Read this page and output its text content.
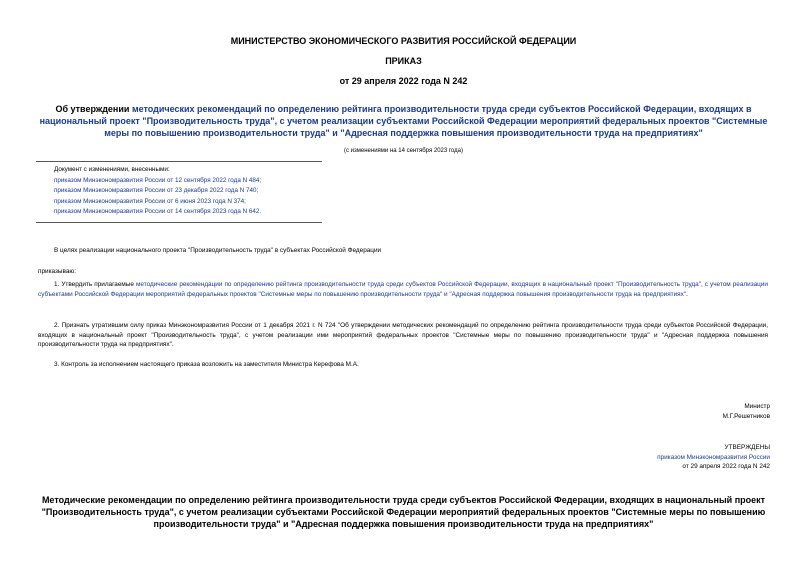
МИНИСТЕРСТВО ЭКОНОМИЧЕСКОГО РАЗВИТИЯ РОССИЙСКОЙ ФЕДЕРАЦИИ
ПРИКАЗ
от 29 апреля 2022 года N 242
Об утверждении методических рекомендаций по определению рейтинга производительности труда среди субъектов Российской Федерации, входящих в национальный проект "Производительность труда", с учетом реализации субъектами Российской Федерации мероприятий федеральных проектов "Системные меры по повышению производительности труда" и "Адресная поддержка повышения производительности труда на предприятиях"
(с изменениями на 14 сентября 2023 года)
Документ с изменениями, внесенными:
приказом Минэкономразвития России от 12 сентября 2022 года N 484;
приказом Минэкономразвития России от 23 декабря 2022 года N 740;
приказом Минэкономразвития России от 6 июня 2023 года N 374;
приказом Минэкономразвития России от 14 сентября 2023 года N 642.
В целях реализации национального проекта "Производительность труда" в субъектах Российской Федерации
приказываю:
1. Утвердить прилагаемые методические рекомендации по определению рейтинга производительности труда среди субъектов Российской Федерации, входящих в национальный проект "Производительность труда", с учетом реализации субъектами Российской Федерации мероприятий федеральных проектов "Системные меры по повышению производительности труда" и "Адресная поддержка повышения производительности труда на предприятиях".
2. Признать утратившим силу приказ Минэкономразвития России от 1 декабря 2021 г. N 724 "Об утверждении методических рекомендаций по определению рейтинга производительности труда среди субъектов Российской Федерации, входящих в национальный проект "Производительность труда", с учетом реализации ими мероприятий федеральных проектов "Системные меры по повышению производительности труда" и "Адресная поддержка повышения производительности труда на предприятиях".
3. Контроль за исполнением настоящего приказа возложить на заместителя Министра Керефова М.А.
Министр
М.Г.Решетников
УТВЕРЖДЕНЫ
приказом Минэкономразвития России
от 29 апреля 2022 года N 242
Методические рекомендации по определению рейтинга производительности труда среди субъектов Российской Федерации, входящих в национальный проект "Производительность труда", с учетом реализации субъектами Российской Федерации мероприятий федеральных проектов "Системные меры по повышению производительности труда" и "Адресная поддержка повышения производительности труда на предприятиях"
